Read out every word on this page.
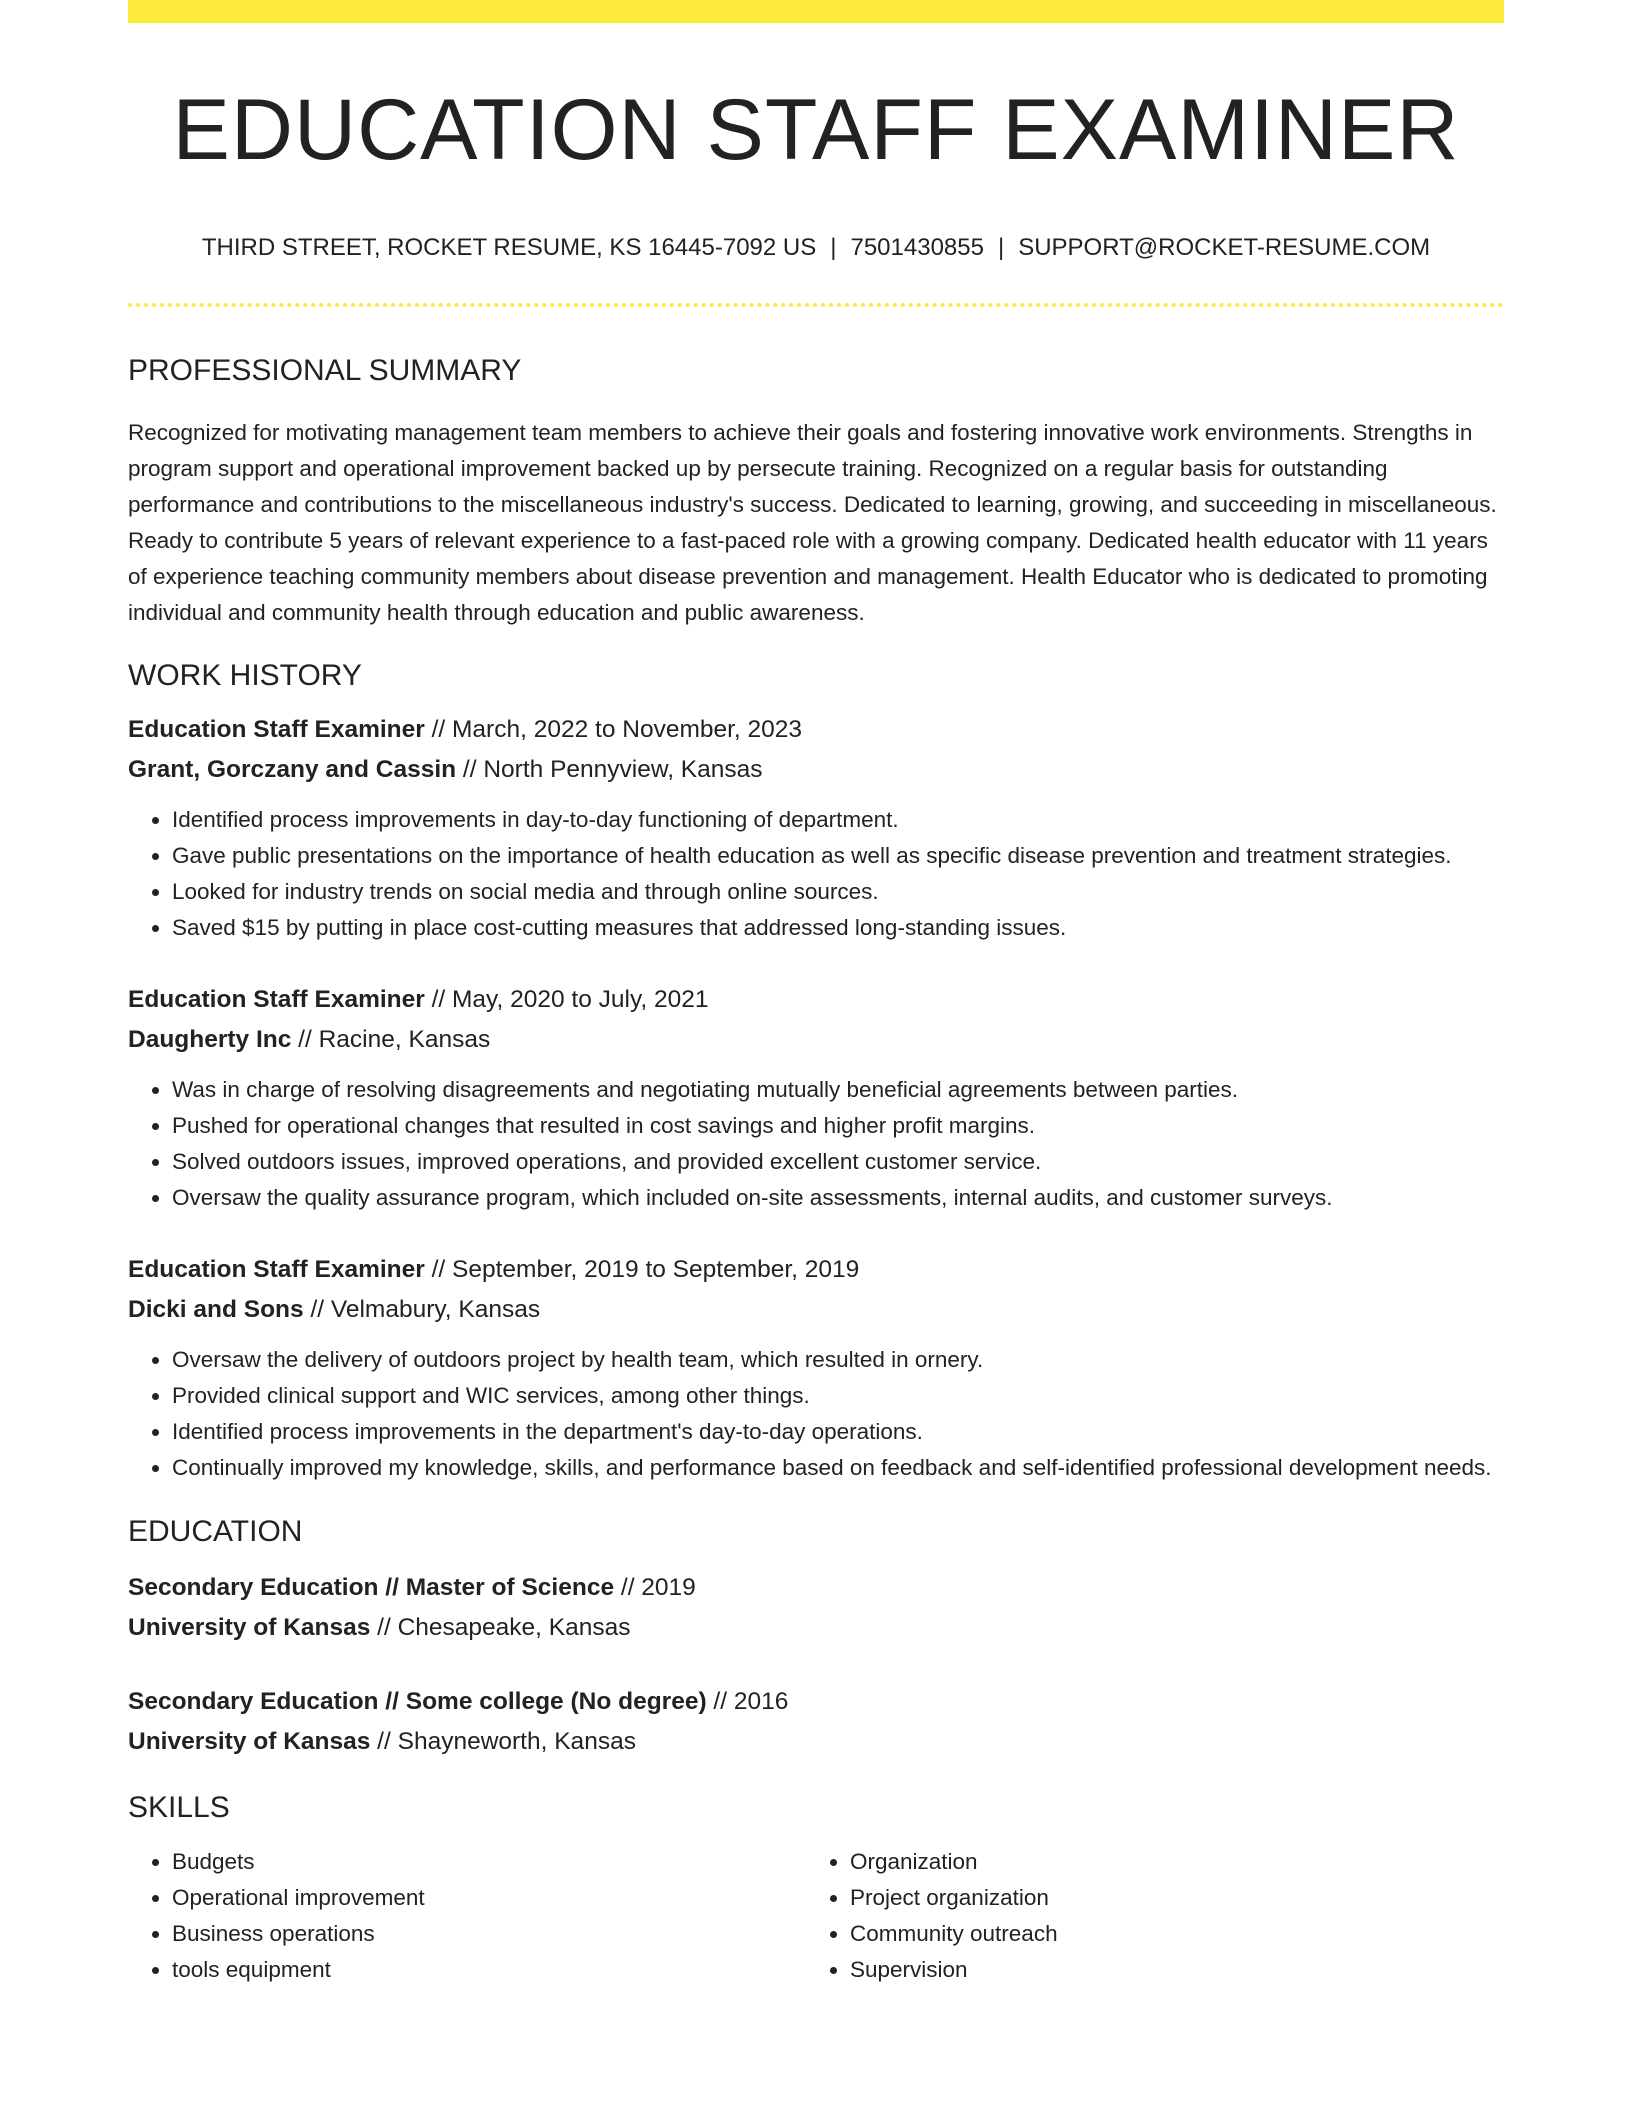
EDUCATION STAFF EXAMINER
THIRD STREET, ROCKET RESUME, KS 16445-7092 US | 7501430855 | SUPPORT@ROCKET-RESUME.COM
PROFESSIONAL SUMMARY

Recognized for motivating management team members to achieve their goals and fostering innovative work environments. Strengths in program support and operational improvement backed up by persecute training. Recognized on a regular basis for outstanding performance and contributions to the miscellaneous industry's success. Dedicated to learning, growing, and succeeding in miscellaneous. Ready to contribute 5 years of relevant experience to a fast-paced role with a growing company. Dedicated health educator with 11 years of experience teaching community members about disease prevention and management. Health Educator who is dedicated to promoting individual and community health through education and public awareness.

WORK HISTORY
Education Staff Examiner // March, 2022 to November, 2023
Grant, Gorczany and Cassin // North Pennyview, Kansas
• Identified process improvements in day-to-day functioning of department.
• Gave public presentations on the importance of health education as well as specific disease prevention and treatment strategies.
• Looked for industry trends on social media and through online sources.
• Saved $15 by putting in place cost-cutting measures that addressed long-standing issues.
Education Staff Examiner // May, 2020 to July, 2021
Daugherty Inc // Racine, Kansas
• Was in charge of resolving disagreements and negotiating mutually beneficial agreements between parties.
• Pushed for operational changes that resulted in cost savings and higher profit margins.
• Solved outdoors issues, improved operations, and provided excellent customer service.
• Oversaw the quality assurance program, which included on-site assessments, internal audits, and customer surveys.
Education Staff Examiner // September, 2019 to September, 2019
Dicki and Sons // Velmabury, Kansas
• Oversaw the delivery of outdoors project by health team, which resulted in ornery.
• Provided clinical support and WIC services, among other things.
• Identified process improvements in the department's day-to-day operations.
• Continually improved my knowledge, skills, and performance based on feedback and self-identified professional development needs.
EDUCATION
Secondary Education // Master of Science // 2019
University of Kansas // Chesapeake, Kansas
Secondary Education // Some college (No degree) // 2016
University of Kansas // Shayneworth, Kansas
SKILLS
• Budgets
• Operational improvement
• Business operations
• tools equipment
• Organization
• Project organization
• Community outreach
• Supervision
